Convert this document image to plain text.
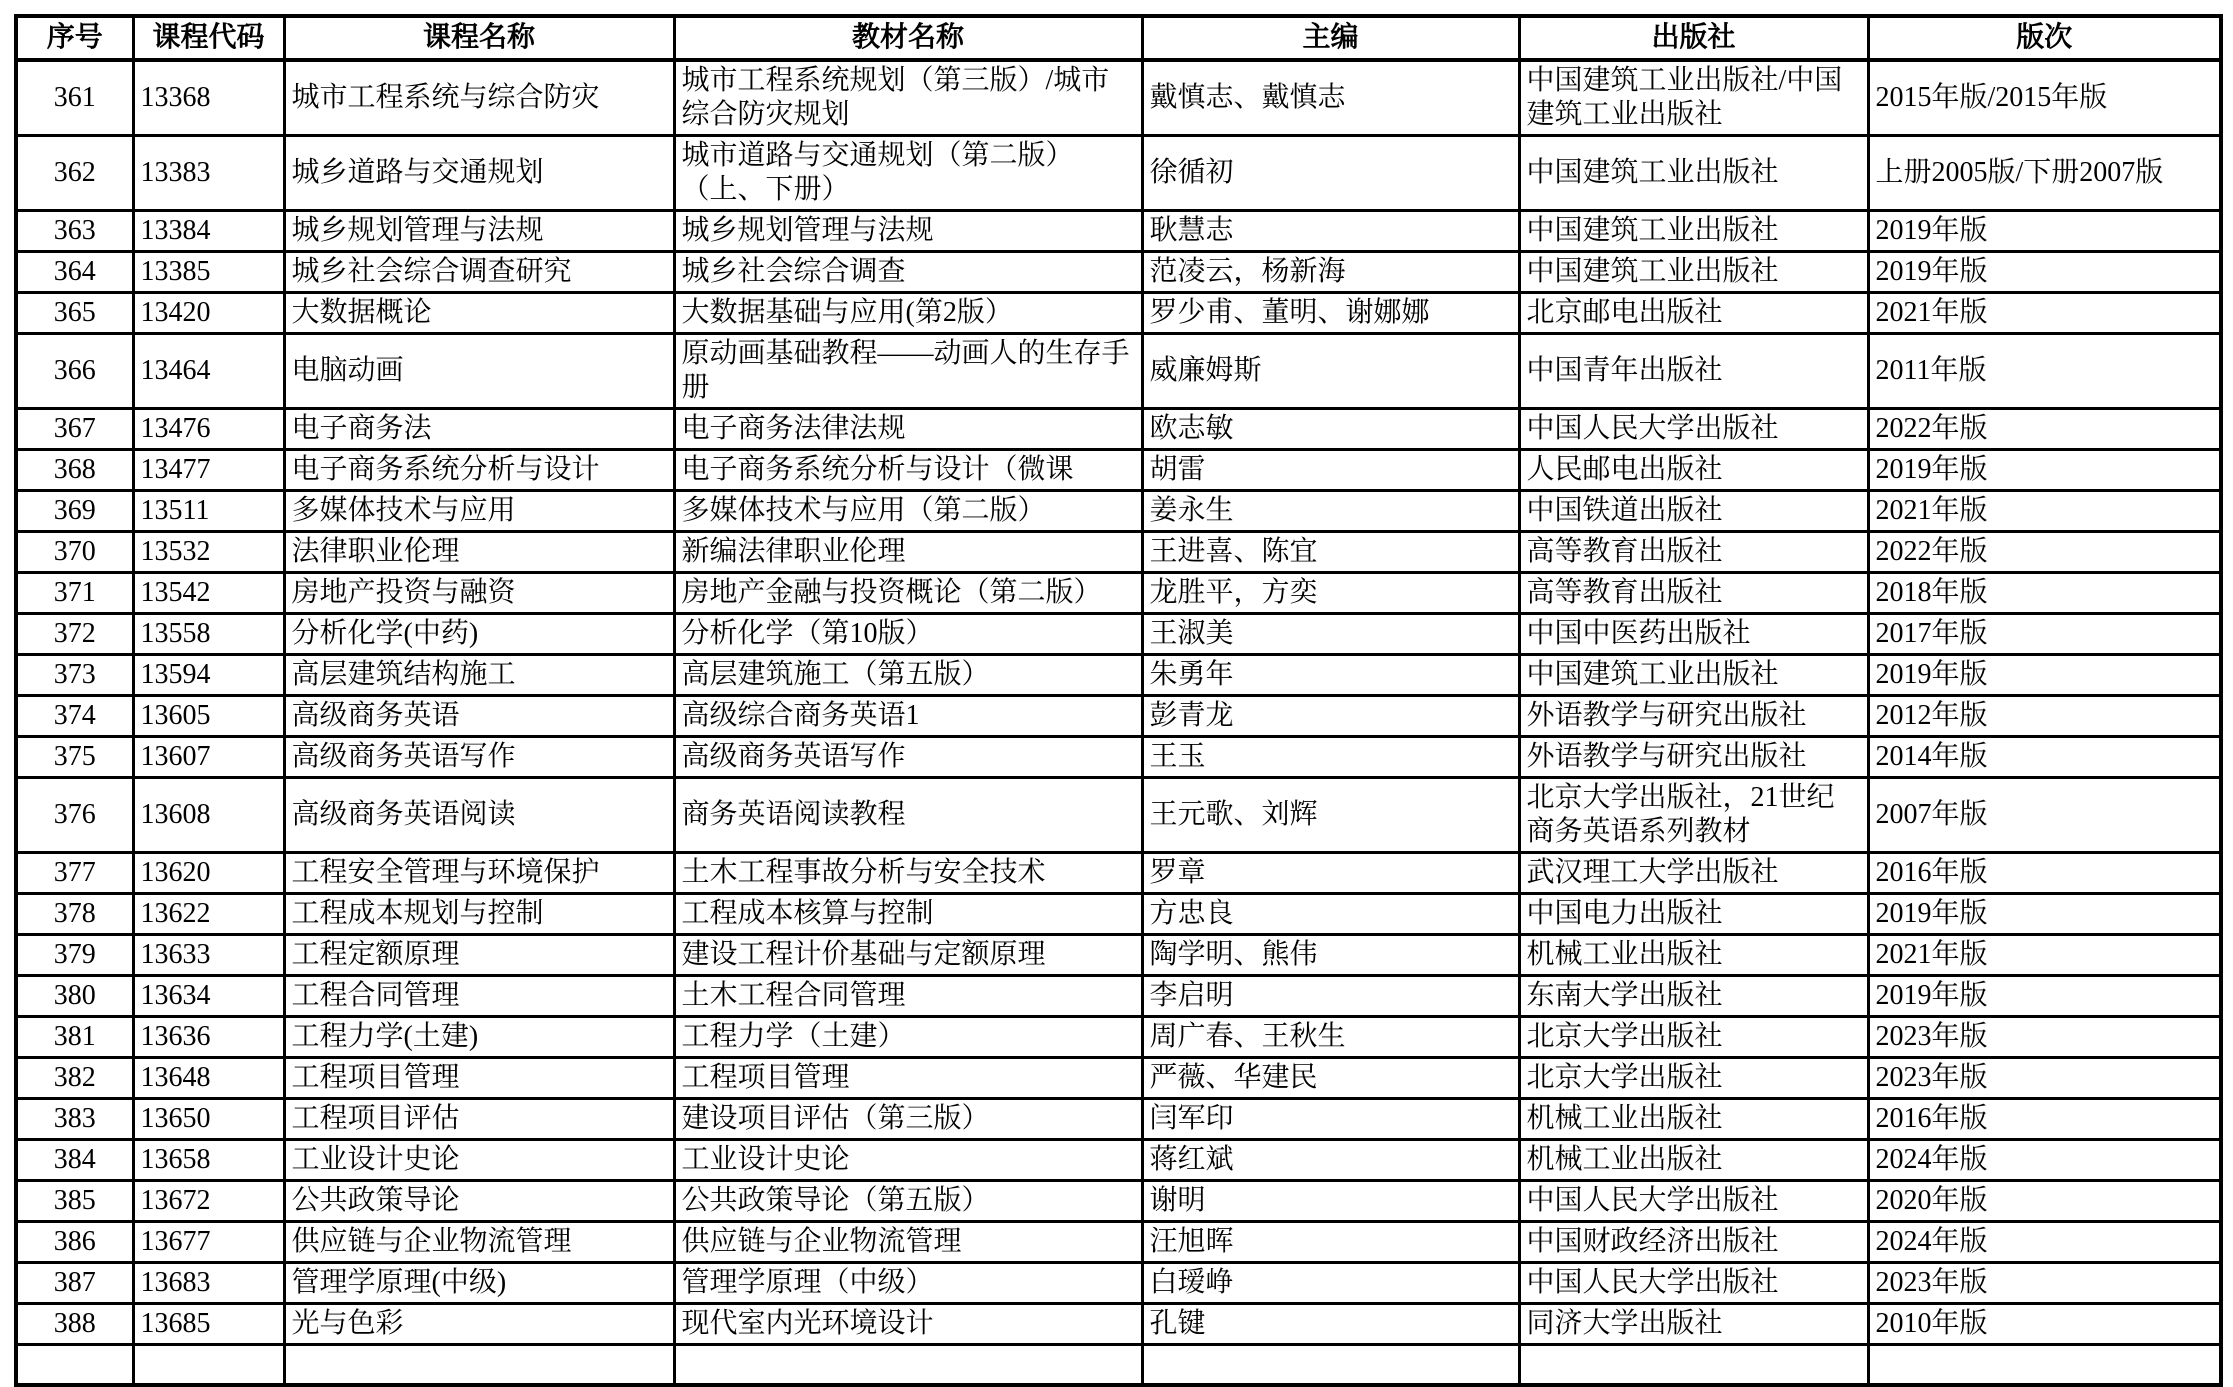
序号	课程代码	课程名称	教材名称	主编	出版社	版次
361	13368	城市工程系统与综合防灾	城市工程系统规划（第三版）/城市综合防灾规划	戴慎志、戴慎志	中国建筑工业出版社/中国建筑工业出版社	2015年版/2015年版
362	13383	城乡道路与交通规划	城市道路与交通规划（第二版）（上、下册）	徐循初	中国建筑工业出版社	上册2005版/下册2007版
363	13384	城乡规划管理与法规	城乡规划管理与法规	耿慧志	中国建筑工业出版社	2019年版
364	13385	城乡社会综合调查研究	城乡社会综合调查	范凌云，杨新海	中国建筑工业出版社	2019年版
365	13420	大数据概论	大数据基础与应用(第2版）	罗少甫、董明、谢娜娜	北京邮电出版社	2021年版
366	13464	电脑动画	原动画基础教程——动画人的生存手册	威廉姆斯	中国青年出版社	2011年版
367	13476	电子商务法	电子商务法律法规	欧志敏	中国人民大学出版社	2022年版
368	13477	电子商务系统分析与设计	电子商务系统分析与设计（微课	胡雷	人民邮电出版社	2019年版
369	13511	多媒体技术与应用	多媒体技术与应用（第二版）	姜永生	中国铁道出版社	2021年版
370	13532	法律职业伦理	新编法律职业伦理	王进喜、陈宜	高等教育出版社	2022年版
371	13542	房地产投资与融资	房地产金融与投资概论（第二版）	龙胜平，方奕	高等教育出版社	2018年版
372	13558	分析化学(中药)	分析化学（第10版）	王淑美	中国中医药出版社	2017年版
373	13594	高层建筑结构施工	高层建筑施工（第五版）	朱勇年	中国建筑工业出版社	2019年版
374	13605	高级商务英语	高级综合商务英语1	彭青龙	外语教学与研究出版社	2012年版
375	13607	高级商务英语写作	高级商务英语写作	王玉	外语教学与研究出版社	2014年版
376	13608	高级商务英语阅读	商务英语阅读教程	王元歌、刘辉	北京大学出版社，21世纪商务英语系列教材	2007年版
377	13620	工程安全管理与环境保护	土木工程事故分析与安全技术	罗章	武汉理工大学出版社	2016年版
378	13622	工程成本规划与控制	工程成本核算与控制	方忠良	中国电力出版社	2019年版
379	13633	工程定额原理	建设工程计价基础与定额原理	陶学明、熊伟	机械工业出版社	2021年版
380	13634	工程合同管理	土木工程合同管理	李启明	东南大学出版社	2019年版
381	13636	工程力学(土建)	工程力学（土建）	周广春、王秋生	北京大学出版社	2023年版
382	13648	工程项目管理	工程项目管理	严薇、华建民	北京大学出版社	2023年版
383	13650	工程项目评估	建设项目评估（第三版）	闫军印	机械工业出版社	2016年版
384	13658	工业设计史论	工业设计史论	蒋红斌	机械工业出版社	2024年版
385	13672	公共政策导论	公共政策导论（第五版）	谢明	中国人民大学出版社	2020年版
386	13677	供应链与企业物流管理	供应链与企业物流管理	汪旭晖	中国财政经济出版社	2024年版
387	13683	管理学原理(中级)	管理学原理（中级）	白瑷峥	中国人民大学出版社	2023年版
388	13685	光与色彩	现代室内光环境设计	孔键	同济大学出版社	2010年版
